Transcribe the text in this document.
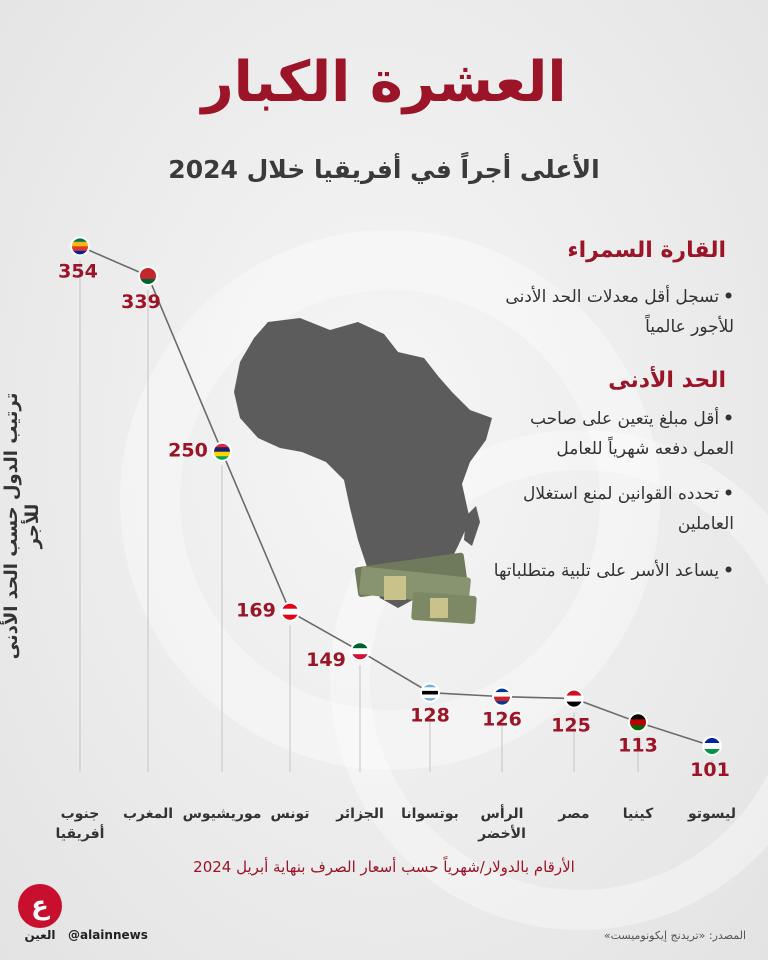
العشرة الكبار
الأعلى أجراً في أفريقيا خلال 2024
القارة السمراء
•تسجل أقل معدلات الحد الأدنى للأجور عالمياً
الحد الأدنى
•أقل مبلغ يتعين على صاحب العمل دفعه شهرياً للعامل
•تحدده القوانين لمنع استغلال العاملين
•يساعد الأسر على تلبية متطلباتها
ترتيب الدول حسب الحد الأدنى للأجر
354
339
250
169
149
128 126 125
113
101
جنوب أفريقيا
المغرب موريشيوس تونس الجزائر بوتسوانا الرأس الأخضر
مصر كينيا ليسوتو
الأرقام بالدولار/شهرياً حسب أسعار الصرف بنهاية أبريل 2024
ع
العين	@alainnews	المصدر: «تريدنج إيكونوميست»
